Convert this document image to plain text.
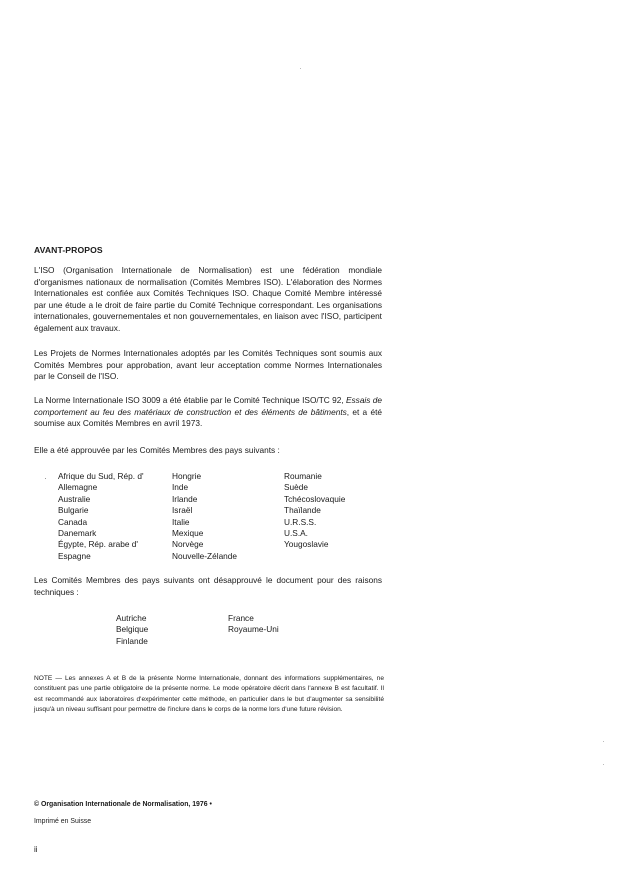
AVANT-PROPOS
L'ISO (Organisation Internationale de Normalisation) est une fédération mondiale d'organismes nationaux de normalisation (Comités Membres ISO). L'élaboration des Normes Internationales est confiée aux Comités Techniques ISO. Chaque Comité Membre intéressé par une étude a le droit de faire partie du Comité Technique correspondant. Les organisations internationales, gouvernementales et non gouvernementales, en liaison avec l'ISO, participent également aux travaux.
Les Projets de Normes Internationales adoptés par les Comités Techniques sont soumis aux Comités Membres pour approbation, avant leur acceptation comme Normes Internationales par le Conseil de l'ISO.
La Norme Internationale ISO 3009 a été établie par le Comité Technique ISO/TC 92, Essais de comportement au feu des matériaux de construction et des éléments de bâtiments, et a été soumise aux Comités Membres en avril 1973.
Elle a été approuvée par les Comités Membres des pays suivants :
Afrique du Sud, Rép. d'
Allemagne
Australie
Bulgarie
Canada
Danemark
Égypte, Rép. arabe d'
Espagne
Hongrie
Inde
Irlande
Israël
Italie
Mexique
Norvège
Nouvelle-Zélande
Roumanie
Suède
Tchécoslovaquie
Thaïlande
U.R.S.S.
U.S.A.
Yougoslavie
Les Comités Membres des pays suivants ont désapprouvé le document pour des raisons techniques :
Autriche
Belgique
Finlande
France
Royaume-Uni
NOTE — Les annexes A et B de la présente Norme Internationale, donnant des informations supplémentaires, ne constituent pas une partie obligatoire de la présente norme. Le mode opératoire décrit dans l'annexe B est facultatif. Il est recommandé aux laboratoires d'expérimenter cette méthode, en particulier dans le but d'augmenter sa sensibilité jusqu'à un niveau suffisant pour permettre de l'inclure dans le corps de la norme lors d'une future révision.
© Organisation Internationale de Normalisation, 1976 •
Imprimé en Suisse
ii
